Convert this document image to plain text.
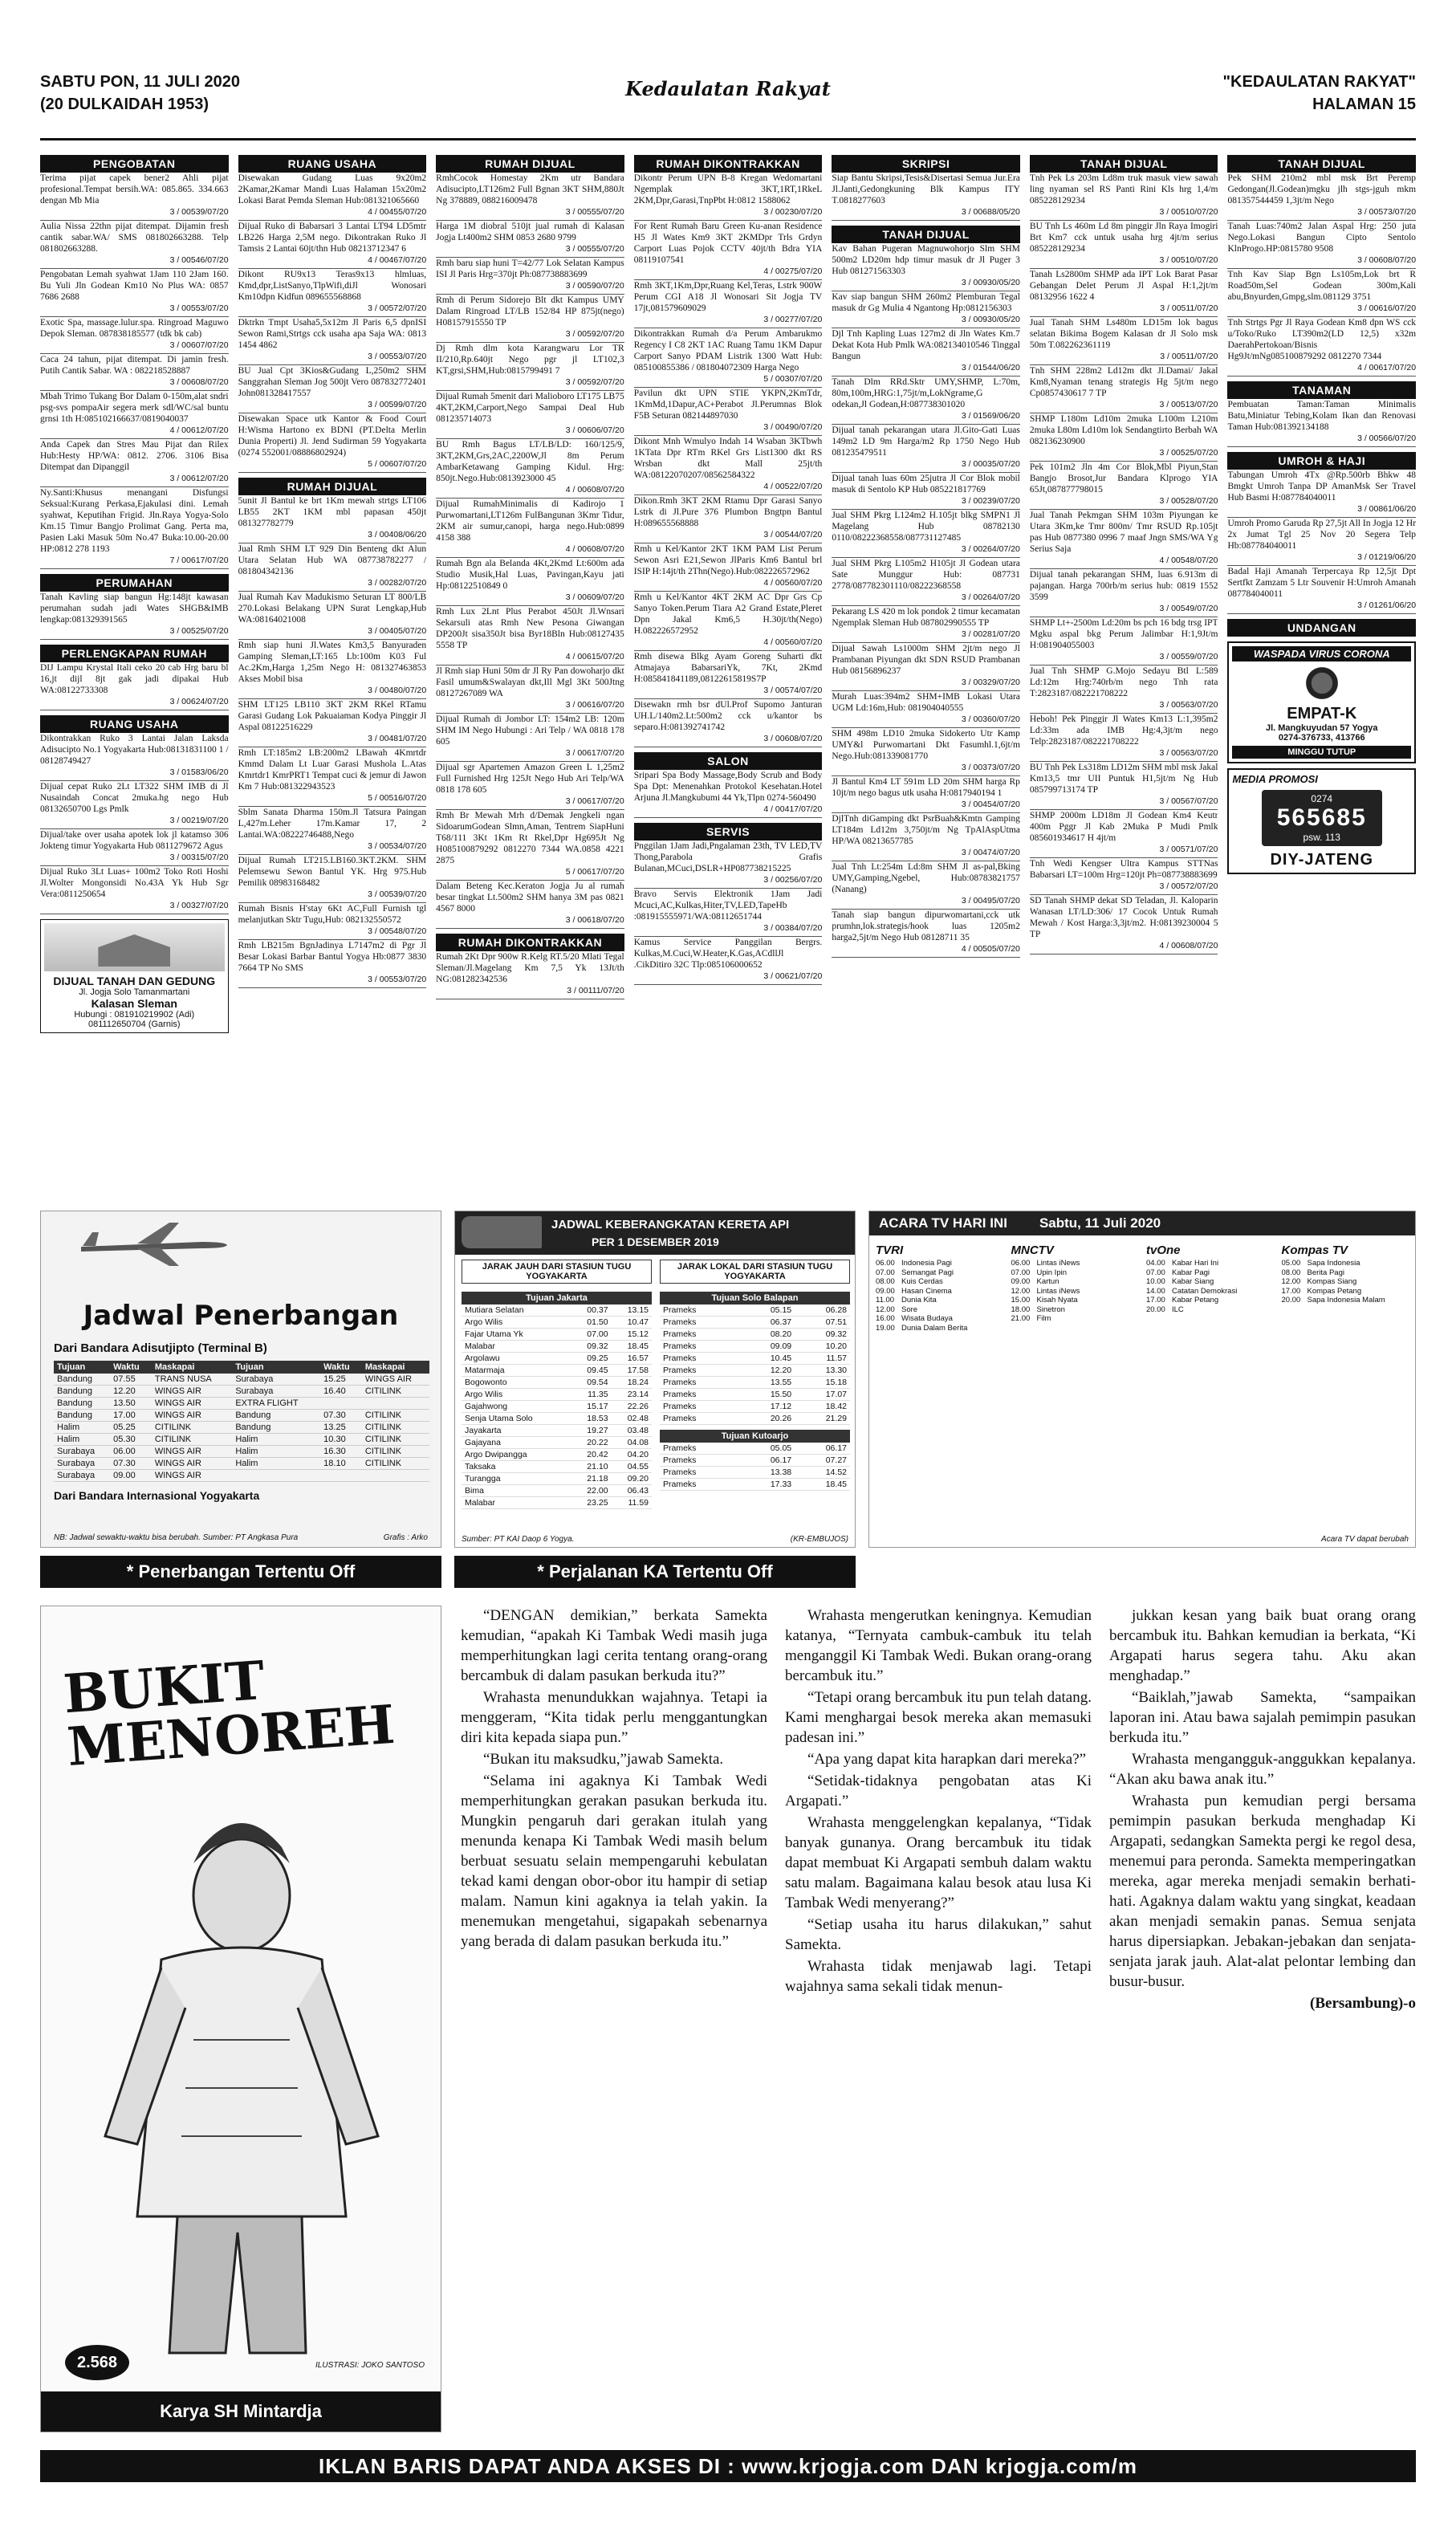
SABTU PON, 11 JULI 2020
(20 DULKAIDAH 1953)
Kedaulatan Rakyat	"KEDAULATAN RAKYAT"
HALAMAN 15
PENGOBATAN
Terima pijat capek bener2 Ahli pijat profesional.Tempat bersih.WA: 085.865. 334.663 dengan Mb Mia
3 / 00539/07/20
Aulia Nissa 22thn pijat ditempat. Dijamin fresh cantik sabar.WA/ SMS 081802663288. Telp 081802663288.
3 / 00546/07/20
Pengobatan Lemah syahwat 1Jam 110 2Jam 160. Bu Yuli Jln Godean Km10 No Plus WA: 0857 7686 2688
3 / 00553/07/20
Exotic Spa, massage.lulur.spa. Ringroad Maguwo Depok Sleman. 087838185577 (tdk bk cab)
3 / 00607/07/20
Caca 24 tahun, pijat ditempat. Di jamin fresh. Putih Cantik Sabar. WA : 082218528887
3 / 00608/07/20
Mbah Trimo Tukang Bor Dalam 0-150m,alat sndri psg-svs pompaAir segera merk sdl/WC/sal buntu grnsi 1th H:085102166637/0819040037
4 / 00612/07/20
Anda Capek dan Stres Mau Pijat dan Rilex Hub:Hesty HP/WA: 0812. 2706. 3106 Bisa Ditempat dan Dipanggil
3 / 00612/07/20
Ny.Santi:Khusus menangani Disfungsi Seksual:Kurang Perkasa,Ejakulasi dini. Lemah syahwat, Keputihan Frigid. Jln.Raya Yogya-Solo Km.15 Timur Bangjo Prolimat Gang. Perta ma, Pasien Laki Masuk 50m No.47 Buka:10.00-20.00 HP:0812 278 1193
7 / 00617/07/20
PERUMAHAN
Tanah Kavling siap bangun Hg:148jt kawasan perumahan sudah jadi Wates SHGB&IMB lengkap:081329391565
3 / 00525/07/20
PERLENGKAPAN RUMAH
DIJ Lampu Krystal Itali ceko 20 cab Hrg baru bl 16,jt dijl 8jt gak jadi dipakai Hub WA:08122733308
3 / 00624/07/20
RUANG USAHA
Dikontrakkan Ruko 3 Lantai Jalan Laksda Adisucipto No.1 Yogyakarta Hub:08131831100 1 / 08128749427
3 / 01583/06/20
Dijual cepat Ruko 2Lt LT322 SHM IMB di Jl Nusaindah Concat 2muka.hg nego Hub 08132650700 Lgs Pmlk
3 / 00219/07/20
Dijual/take over usaha apotek lok jl katamso 306 Jokteng timur Yogyakarta Hub 0811279672 Agus
3 / 00315/07/20
Dijual Ruko 3Lt Luas+ 100m2 Toko Roti Hoshi Jl.Wolter Mongonsidi No.43A Yk Hub Sgr Vera:0811250654
3 / 00327/07/20
DIJUAL TANAH DAN GEDUNG
Jl. Jogja Solo Tamanmartani
Kalasan Sleman
Hubungi : 081910219902 (Adi)
081112650704 (Garnis)
RUANG USAHA
Disewakan Gudang Luas 9x20m2 2Kamar,2Kamar Mandi Luas Halaman 15x20m2 Lokasi Barat Pemda Sleman Hub:081321065660
4 / 00455/07/20
Dijual Ruko di Babarsari 3 Lantai LT94 LD5mtr LB226 Harga 2,5M nego. Dikontrakan Ruko Jl Tamsis 2 Lantai 60jt/thn Hub 08213712347 6
4 / 00467/07/20
Dikont RU9x13 Teras9x13 hlmluas, Kmd,dpr,ListSanyo,TlpWifi,diJl Wonosari Km10dpn Kidfun 089655568868
3 / 00572/07/20
Dktrkn Tmpt Usaha5,5x12m Jl Paris 6,5 dpnISI Sewon Rami,Strtgs cck usaha apa Saja WA: 0813 1454 4862
3 / 00553/07/20
BU Jual Cpt 3Kios&Gudang L,250m2 SHM Sanggrahan Sleman Jog 500jt Vero 087832772401 John081328417557
3 / 00599/07/20
Disewakan Space utk Kantor & Food Court H:Wisma Hartono ex BDNI (PT.Delta Merlin Dunia Properti) Jl. Jend Sudirman 59 Yogyakarta (0274 552001/08886802924)
5 / 00607/07/20
RUMAH DIJUAL
5unit Jl Bantul ke brt 1Km mewah strtgs LT106 LB55 2KT 1KM mbl papasan 450jt 081327782779
3 / 00408/06/20
Jual Rmh SHM LT 929 Din Benteng dkt Alun Utara Selatan Hub WA 087738782277 / 081804342136
3 / 00282/07/20
Jual Rumah Kav Madukismo Seturan LT 800/LB 270.Lokasi Belakang UPN Surat Lengkap,Hub WA:08164021008
3 / 00405/07/20
Rmh siap huni Jl.Wates Km3,5 Banyuraden Gamping Sleman,LT:165 Lb:100m K03 Ful Ac.2Km,Harga 1,25m Nego H: 081327463853 Akses Mobil bisa
3 / 00480/07/20
SHM LT125 LB110 3KT 2KM RKel RTamu Garasi Gudang Lok Pakuaiaman Kodya Pinggir Jl Aspal 08122516229
3 / 00481/07/20
Rmh LT:185m2 LB:200m2 LBawah 4Kmrtdr Kmmd Dalam Lt Luar Garasi Mushola L.Atas Kmrtdr1 KmrPRT1 Tempat cuci & jemur di Jawon Km 7 Hub:081322943523
5 / 00516/07/20
Sblm Sanata Dharma 150m.Jl Tatsura Paingan L,427m.Leher 17m.Kamar 17, 2 Lantai.WA:08222746488,Nego
3 / 00534/07/20
Dijual Rumah LT215.LB160.3KT.2KM. SHM Pelemsewu Sewon Bantul YK. Hrg 975.Hub Pemilik 08983168482
3 / 00539/07/20
Rumah Bisnis H'stay 6Kt AC,Full Furnish tgl melanjutkan Sktr Tugu,Hub: 082132550572
3 / 00548/07/20
Rmh LB215m BgnJadinya L7147m2 di Pgr Jl Besar Lokasi Barbar Bantul Yogya Hb:0877 3830 7664 TP No SMS
3 / 00553/07/20
RUMAH DIJUAL
RmhCocok Homestay 2Km utr Bandara Adisucipto,LT126m2 Full Bgnan 3KT SHM,880Jt Ng 378889, 088216009478
3 / 00555/07/20
Harga 1M diobral 510jt jual rumah di Kalasan Jogja Lt400m2 SHM 0853 2680 9799
3 / 00555/07/20
Rmh baru siap huni T=42/77 Lok Selatan Kampus ISI Jl Paris Hrg=370jt Ph:087738883699
3 / 00590/07/20
Rmh di Perum Sidorejo Blt dkt Kampus UMY Dalam Ringroad LT/LB 152/84 HP 875jt(nego) H08157915550 TP
3 / 00592/07/20
Dj Rmh dlm kota Karangwaru Lor TR II/210,Rp.640jt Nego pgr jl LT102,3 KT,grsi,SHM,Hub:0815799491 7
3 / 00592/07/20
Dijual Rumah 5menit dari Malioboro LT175 LB75 4KT,2KM,Carport,Nego Sampai Deal Hub 081235714073
3 / 00606/07/20
BU Rmh Bagus LT/LB/LD: 160/125/9, 3KT,2KM,Grs,2AC,2200W,Jl 8m Perum AmbarKetawang Gamping Kidul. Hrg: 850jt.Nego.Hub:0813923000 45
4 / 00608/07/20
Dijual RumahMinimalis di Kadirojo 1 Purwomartani,LT126m FulBangunan 3Kmr Tidur, 2KM air sumur,canopi, harga nego.Hub:0899 4158 388
4 / 00608/07/20
Rumah Bgn ala Belanda 4Kt,2Kmd Lt:600m ada Studio Musik,Hal Luas, Pavingan,Kayu jati Hp:08122510849 0
3 / 00609/07/20
Rmh Lux 2Lnt Plus Perabot 450Jt Jl.Wnsari Sekarsuli atas Rmh New Pesona Giwangan DP200Jt sisa350Jt bisa Byr18Bln Hub:08127435 5558 TP
4 / 00615/07/20
Jl Rmh siap Huni 50m dr Jl Ry Pan dowoharjo dkt Fasil umum&Swalayan dkt,Ill Mgl 3Kt 500Jtng 08127267089 WA
3 / 00616/07/20
Dijual Rumah di Jombor LT: 154m2 LB: 120m SHM IM Nego Hubungi : Ari Telp / WA 0818 178 605
3 / 00617/07/20
Dijual sgr Apartemen Amazon Green L 1,25m2 Full Furnished Hrg 125Jt Nego Hub Ari Telp/WA 0818 178 605
3 / 00617/07/20
Rmh Br Mewah Mrh d/Demak Jengkeli ngan SidoarumGodean Slmn,Aman, Tentrem SiapHuni T68/111 3Kt 1Km Rt Rkel,Dpr Hg695Jt Ng H085100879292 0812270 7344 WA.0858 4221 2875
5 / 00617/07/20
Dalam Beteng Kec.Keraton Jogja Ju al rumah besar tingkat Lt.500m2 SHM hanya 3M pas 0821 4567 8000
3 / 00618/07/20
RUMAH DIKONTRAKKAN
Rumah 2Kt Dpr 900w R.Kelg RT.5/20 Mlati Tegal Sleman/Jl.Magelang Km 7,5 Yk 13Jt/th NG:081282342536
3 / 00111/07/20
RUMAH DIKONTRAKKAN
Dikontr Perum UPN B-8 Kregan Wedomartani Ngemplak 3KT,1RT,1RkeL 2KM,Dpr,Garasi,TnpPbt H:0812 1588062
3 / 00230/07/20
For Rent Rumah Baru Green Ku-anan Residence H5 Jl Wates Km9 3KT 2KMDpr Trls Grdyn Carport Luas Pojok CCTV 40jt/th Bdra YIA 08119107541
4 / 00275/07/20
Rmh 3KT,1Km,Dpr,Ruang Kel,Teras, Lstrk 900W Perum CGI A18 Jl Wonosari Sit Jogja TV 17jt,081579609029
3 / 00277/07/20
Dikontrakkan Rumah d/a Perum Ambarukmo Regency I C8 2KT 1AC Ruang Tamu 1KM Dapur Carport Sanyo PDAM Listrik 1300 Watt Hub: 085100855386 / 081804072309 Harga Nego
5 / 00307/07/20
Pavilun dkt UPN STIE YKPN,2KmTdr, 1KmMd,1Dapur,AC+Perabot Jl.Perumnas Blok F5B Seturan 082144897030
3 / 00490/07/20
Dikont Mnh Wmulyo Indah 14 Wsaban 3KTbwh 1KTata Dpr RTm RKel Grs List1300 dkt RS Wrsban dkt Mall 25jt/th WA:08122070207/08562584322
4 / 00522/07/20
Dikon.Rmh 3KT 2KM Rtamu Dpr Garasi Sanyo Lstrk di Jl.Pure 376 Plumbon Bngtpn Bantul H:089655568888
3 / 00544/07/20
Rmh u Kel/Kantor 2KT 1KM PAM List Perum Sewon Asri E21,Sewon JlParis Km6 Bantul brl ISIP H:14jt/th 2Thn(Nego).Hub:082226572962
4 / 00560/07/20
Rmh u Kel/Kantor 4KT 2KM AC Dpr Grs Cp Sanyo Token.Perum Tiara A2 Grand Estate,Pleret Dpn Jakal Km6,5 H.30jt/th(Nego) H.082226572952
4 / 00560/07/20
Rmh disewa Blkg Ayam Goreng Suharti dkt Atmajaya BabarsariYk, 7Kt, 2Kmd H:085841841189,08122615819S7P
3 / 00574/07/20
Disewakn rmh bsr dUl.Prof Supomo Janturan UH.L/140m2.Lt:500m2 cck u/kantor bs separo.H:081392741742
3 / 00608/07/20
SALON
Sripari Spa Body Massage,Body Scrub and Body Spa Dpt: Menenahkan Protokol Kesehatan.Hotel Arjuna Jl.Mangkubumi 44 Yk,Tlpn 0274-560490
4 / 00417/07/20
SERVIS
Pnggilan 1Jam Jadi,Pngalaman 23th, TV LED,TV Thong,Parabola Grafis Bulanan,MCuci,DSLR+HP087738215225
3 / 00256/07/20
Bravo Servis Elektronik 1Jam Jadi Mcuci,AC,Kulkas,Hiter,TV,LED,TapeHb :081915555971/WA:08112651744
3 / 00384/07/20
Kamus Service Panggilan Bergrs. Kulkas,M.Cuci,W.Heater,K.Gas,ACdllJl .CikDitiro 32C Tlp:085106000652
3 / 00621/07/20
SKRIPSI
Siap Bantu Skripsi,Tesis&Disertasi Semua Jur.Era Jl.Janti,Gedongkuning Blk Kampus ITY T.0818277603
3 / 00688/05/20
TANAH DIJUAL
Kav Bahan Pugeran Magnuwohorjo Slm SHM 500m2 LD20m hdp timur masuk dr Jl Puger 3 Hub 081271563303
3 / 00930/05/20
Kav siap bangun SHM 260m2 Plemburan Tegal masuk dr Gg Mulia 4 Ngantong Hp:0812156303
3 / 00930/05/20
Djl Tnh Kapling Luas 127m2 di Jln Wates Km.7 Dekat Kota Hub Pmlk WA:082134010546 Tinggal Bangun
3 / 01544/06/20
Tanah Dlm RRd.Sktr UMY,SHMP, L:70m, 80m,100m,HRG:1,75jt/m,LokNgrame,G odekan,Jl Godean,H:087738301020
3 / 01569/06/20
Dijual tanah pekarangan utara Jl.Gito-Gati Luas 149m2 LD 9m Harga/m2 Rp 1750 Nego Hub 081235479511
3 / 00035/07/20
Dijual tanah luas 60m 25jutra Jl Cor Blok mobil masuk di Sentolo KP Hub 085221817769
3 / 00239/07/20
Jual SHM Pkrg L124m2 H.105jt blkg SMPN1 Jl Magelang Hub 08782130 0110/08222368558/087731127485
3 / 00264/07/20
Jual SHM Pkrg L105m2 H105jt Jl Godean utara Sate Munggur Hub: 087731 2778/087782301110/08222368558
3 / 00264/07/20
Pekarang LS 420 m lok pondok 2 timur kecamatan Ngemplak Sleman Hub 087802990555 TP
3 / 00281/07/20
Dijual Sawah Ls1000m SHM 2jt/m nego Jl Prambanan Piyungan dkt SDN RSUD Prambanan Hub 08156896237
3 / 00329/07/20
Murah Luas:394m2 SHM+IMB Lokasi Utara UGM Ld:16m,Hub: 081904040555
3 / 00360/07/20
SHM 498m LD10 2muka Sidokerto Utr Kamp UMY&l Purwomartani Dkt Fasumhl.1,6jt/m Nego.Hub:081339081770
3 / 00373/07/20
Jl Bantul Km4 LT 591m LD 20m SHM harga Rp 10jt/m nego bagus utk usaha H:0817940194 1
3 / 00454/07/20
DjlTnh diGamping dkt PsrBuah&Kmtn Gamping LT184m Ld12m 3,750jt/m Ng TpAlAspUtma HP/WA 08213657785
3 / 00474/07/20
Jual Tnh Lt:254m Ld:8m SHM Jl as-pal,Bking UMY,Gamping,Ngebel, Hub:08783821757 (Nanang)
3 / 00495/07/20
Tanah siap bangun dipurwomartani,cck utk prumhn,lok.strategis/hook luas 1205m2 harga2,5jt/m Nego Hub 08128711 35
4 / 00505/07/20
TANAH DIJUAL
Tnh Pek Ls 203m Ld8m truk masuk view sawah ling nyaman sel RS Panti Rini Kls hrg 1,4/m 085228129234
3 / 00510/07/20
BU Tnh Ls 460m Ld 8m pinggir Jln Raya Imogiri Brt Km7 cck untuk usaha hrg 4jt/m serius 085228129234
3 / 00510/07/20
Tanah Ls2800m SHMP ada IPT Lok Barat Pasar Gebangan Delet Perum Jl Aspal H:1,2jt/m 08132956 1622 4
3 / 00511/07/20
Jual Tanah SHM Ls480m LD15m lok bagus selatan Bikima Bogem Kalasan dr Jl Solo msk 50m T.082262361119
3 / 00511/07/20
Tnh SHM 228m2 Ld12m dkt Jl.Damai/ Jakal Km8,Nyaman tenang strategis Hg 5jt/m nego Cp0857430617 7 TP
3 / 00513/07/20
SHMP L180m Ld10m 2muka L100m L210m 2muka L80m Ld10m lok Sendangtirto Berbah WA 082136230900
3 / 00525/07/20
Pek 101m2 Jln 4m Cor Blok,Mbl Piyun,Stan Bangjo Brosot,Jur Bandara Klprogo YIA 65Jt,087877798015
3 / 00528/07/20
Jual Tanah Pekmgan SHM 103m Piyungan ke Utara 3Km,ke Tmr 800m/ Tmr RSUD Rp.105jt pas Hub 0877380 0996 7 maaf Jngn SMS/WA Yg Serius Saja
4 / 00548/07/20
Dijual tanah pekarangan SHM, luas 6.913m di pajangan. Harga 700rb/m serius hub: 0819 1552 3599
3 / 00549/07/20
SHMP Lt+-2500m Ld:20m bs pch 16 bdg trsg IPT Mgku aspal bkg Perum Jalimbar H:1,9Jt/m H:081904055003
3 / 00559/07/20
Jual Tnh SHMP G.Mojo Sedayu Btl L:589 Ld:12m Hrg:740rb/m nego Tnh rata T:2823187/082221708222
3 / 00563/07/20
Heboh! Pek Pinggir Jl Wates Km13 L:1,395m2 Ld:33m ada IMB Hg:4,3jt/m nego Telp:2823187/082221708222
3 / 00563/07/20
BU Tnh Pek Ls318m LD12m SHM mbl msk Jakal Km13,5 tmr UII Puntuk H1,5jt/m Ng Hub 085799713174 TP
3 / 00567/07/20
SHMP 2000m LD18m Jl Godean Km4 Keutr 400m Pggr Jl Kab 2Muka P Mudi Pmlk 085601934617 H 4jt/m
3 / 00571/07/20
Tnh Wedi Kengser Ultra Kampus STTNas Babarsari LT=100m Hrg=120jt Ph=087738883699
3 / 00572/07/20
SD Tanah SHMP dekat SD Teladan, Jl. Kaloparin Wanasan LT/LD:306/ 17 Cocok Untuk Rumah Mewah / Kost Harga:3,3jt/m2. H:08139230004 5 TP
4 / 00608/07/20
TANAH DIJUAL
Pek SHM 210m2 mbl msk Brt Peremp Gedongan(Jl.Godean)mgku jlh stgs-jguh mkm 081357544459 1,3jt/m Nego
3 / 00573/07/20
Tanah Luas:740m2 Jalan Aspal Hrg: 250 juta Nego.Lokasi Bangun Cipto Sentolo KlnProgo.HP:0815780 9508
3 / 00608/07/20
Tnh Kav Siap Bgn Ls105m,Lok brt R Road50m,Sel Godean 300m,Kali abu,Bnyurden,Gmpg,slm.081129 3751
3 / 00616/07/20
Tnh Strtgs Pgr Jl Raya Godean Km8 dpn WS cck u/Toko/Ruko LT390m2(LD 12,5) x32m DaerahPertokoan/Bisnis Hg9Jt/mNg085100879292 0812270 7344
4 / 00617/07/20
TANAMAN
Pembuatan Taman:Taman Minimalis Batu,Miniatur Tebing,Kolam Ikan dan Renovasi Taman Hub:081392134188
3 / 00566/07/20
UMROH & HAJI
Tabungan Umroh 4Tx @Rp.500rb Bhkw 48 Bmgkt Umroh Tanpa DP AmanMsk Ser Travel Hub Basmi H:087784040011
3 / 00861/06/20
Umroh Promo Garuda Rp 27,5jt All In Jogja 12 Hr 2x Jumat Tgl 25 Nov 20 Segera Telp Hb:087784040011
3 / 01219/06/20
Badal Haji Amanah Terpercaya Rp 12,5jt Dpt Sertfkt Zamzam 5 Ltr Souvenir H:Umroh Amanah 087784040011
3 / 01261/06/20
UNDANGAN
WASPADA VIRUS CORONA
EMPAT-K
Jl. Mangkuyudan 57 Yogya
0274-376733, 413766
MINGGU TUTUP
MEDIA PROMOSI
0274
565685
psw. 113
DIY-JATENG
Jadwal Penerbangan
Dari Bandara Adisutjipto (Terminal B)
Tujuan	Waktu	Maskapai	Tujuan	Waktu	Maskapai
Bandung	07.55	TRANS NUSA	Surabaya	15.25	WINGS AIR
Bandung	12.20	WINGS AIR	Surabaya	16.40	CITILINK
Bandung	13.50	WINGS AIR	EXTRA FLIGHT		
Bandung	17.00	WINGS AIR	Bandung	07.30	CITILINK
Halim	05.25	CITILINK	Bandung	13.25	CITILINK
Halim	05.30	CITILINK	Halim	10.30	CITILINK
Surabaya	06.00	WINGS AIR	Halim	16.30	CITILINK
Surabaya	07.30	WINGS AIR	Halim	18.10	CITILINK
Surabaya	09.00	WINGS AIR			
Dari Bandara Internasional Yogyakarta
NB: Jadwal sewaktu-waktu bisa berubah. Sumber: PT Angkasa Pura	Grafis : Arko
JADWAL KEBERANGKATAN KERETA API
PER 1 DESEMBER 2019
JARAK JAUH DARI STASIUN TUGU YOGYAKARTA
JARAK LOKAL DARI STASIUN TUGU YOGYAKARTA
Tujuan Jakarta
Mutiara Selatan	00.37	13.15
Argo Wilis	01.50	10.47
Fajar Utama Yk	07.00	15.12
Malabar	09.32	18.45
Argolawu	09.25	16.57
Matarmaja	09.45	17.58
Bogowonto	09.54	18.24
Argo Wilis	11.35	23.14
Gajahwong	15.17	22.26
Senja Utama Solo	18.53	02.48
Jayakarta	19.27	03.48
Gajayana	20.22	04.08
Argo Dwipangga	20.42	04.20
Taksaka	21.10	04.55
Turangga	21.18	09.20
Bima	22.00	06.43
Malabar	23.25	11.59
Tujuan Solo Balapan
Prameks	05.15	06.28
Prameks	06.37	07.51
Prameks	08.20	09.32
Prameks	09.09	10.20
Prameks	10.45	11.57
Prameks	12.20	13.30
Prameks	13.55	15.18
Prameks	15.50	17.07
Prameks	17.12	18.42
Prameks	20.26	21.29
Tujuan Kutoarjo
Prameks	05.05	06.17
Prameks	06.17	07.27
Prameks	13.38	14.52
Prameks	17.33	18.45
Sumber: PT KAI Daop 6 Yogya.	(KR-EMBUJOS)
ACARA TV HARI INI Sabtu, 11 Juli 2020
TVRI
06.00 Indonesia Pagi
07.00 Semangat Pagi
08.00 Kuis Cerdas
09.00 Hasan Cinema
11.00 Dunia Kita
12.00 Sore
16.00 Wisata Budaya
19.00 Dunia Dalam Berita
MNCTV
06.00 Lintas iNews
07.00 Upin Ipin
09.00 Kartun
12.00 Lintas iNews
15.00 Kisah Nyata
18.00 Sinetron
21.00 Film
tvOne
04.00 Kabar Hari Ini
07.00 Kabar Pagi
10.00 Kabar Siang
14.00 Catatan Demokrasi
17.00 Kabar Petang
20.00 ILC
Kompas TV
05.00 Sapa Indonesia
08.00 Berita Pagi
12.00 Kompas Siang
17.00 Kompas Petang
20.00 Sapa Indonesia Malam
Acara TV dapat berubah
* Penerbangan Tertentu Off	* Perjalanan KA Tertentu Off
BUKIT MENOREH
2.568	ILUSTRASI: JOKO SANTOSO
Karya SH Mintardja

“DENGAN demikian,” berkata Samekta kemudian, “apakah Ki Tambak Wedi masih juga memperhitungkan lagi cerita tentang orang-orang bercambuk di dalam pasukan berkuda itu?”

Wrahasta menundukkan wajahnya. Tetapi ia menggeram, “Kita tidak perlu menggantungkan diri kita kepada siapa pun.”

“Bukan itu maksudku,”jawab Samekta.

“Selama ini agaknya Ki Tambak Wedi memperhitungkan gerakan pasukan berkuda itu. Mungkin pengaruh dari gerakan itulah yang menunda kenapa Ki Tambak Wedi masih belum berbuat sesuatu selain mempengaruhi kebulatan tekad kami dengan obor-obor itu hampir di setiap malam. Namun kini agaknya ia telah yakin. Ia menemukan mengetahui, sigapakah sebenarnya yang berada di dalam pasukan berkuda itu.”

Wrahasta mengerutkan keningnya. Kemudian katanya, “Ternyata cambuk-cambuk itu telah menganggil Ki Tambak Wedi. Bukan orang-orang bercambuk itu.”

“Tetapi orang bercambuk itu pun telah datang. Kami menghargai besok mereka akan memasuki padesan ini.”

“Apa yang dapat kita harapkan dari mereka?”

“Setidak-tidaknya pengobatan atas Ki Argapati.”

Wrahasta menggelengkan kepalanya, “Tidak banyak gunanya. Orang bercambuk itu tidak dapat membuat Ki Argapati sembuh dalam waktu satu malam. Bagaimana kalau besok atau lusa Ki Tambak Wedi menyerang?”

“Setiap usaha itu harus dilakukan,” sahut Samekta.

Wrahasta tidak menjawab lagi. Tetapi wajahnya sama sekali tidak menun-

jukkan kesan yang baik buat orang orang bercambuk itu. Bahkan kemudian ia berkata, “Ki Argapati harus segera tahu. Aku akan menghadap.”

“Baiklah,”jawab Samekta, “sampaikan laporan ini. Atau bawa sajalah pemimpin pasukan berkuda itu.”

Wrahasta mengangguk-anggukkan kepalanya. “Akan aku bawa anak itu.”

Wrahasta pun kemudian pergi bersama pemimpin pasukan berkuda menghadap Ki Argapati, sedangkan Samekta pergi ke regol desa, menemui para peronda. Samekta memperingatkan mereka, agar mereka menjadi semakin berhati-hati. Agaknya dalam waktu yang singkat, keadaan akan menjadi semakin panas. Semua senjata harus dipersiapkan. Jebakan-jebakan dan senjata-senjata jarak jauh. Alat-alat pelontar lembing dan busur-busur.

(Bersambung)-o

IKLAN BARIS DAPAT ANDA AKSES DI : www.krjogja.com DAN krjogja.com/m
